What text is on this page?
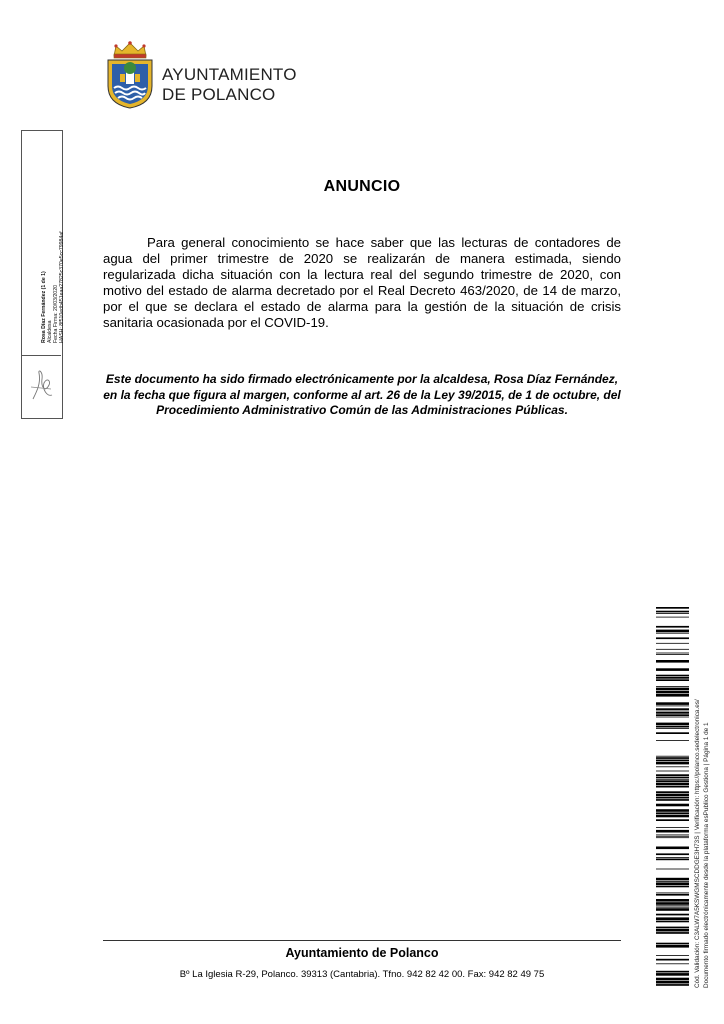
AYUNTAMIENTO
DE POLANCO
Rosa Díaz Fernández (1 de 1) Alcaldesa Fecha Firma: 20/03/2020 HASH: 8f510edb451eaa27825c370e5cc79984af
ANUNCIO

Para general conocimiento se hace saber que las lecturas de contadores de agua del primer trimestre de 2020 se realizarán de manera estimada, siendo regularizada dicha situación con la lectura real del segundo trimestre de 2020, con motivo del estado de alarma decretado por el Real Decreto 463/2020, de 14 de marzo, por el que se declara el estado de alarma para la gestión de la situación de crisis sanitaria ocasionada por el COVID-19.

Este documento ha sido firmado electrónicamente por la alcaldesa, Rosa Díaz Fernández, en la fecha que figura al margen, conforme al art. 26 de la Ley 39/2015, de 1 de octubre, del Procedimiento Administrativo Común de las Administraciones Públicas.
Cód. Validación: C3ALW7A5KSWGMSCDDGE3H73S | Verificación: https://polanco.sedelectronica.es/ Documento firmado electrónicamente desde la plataforma esPublico Gestiona | Página 1 de 1
Ayuntamiento de Polanco
Bº La Iglesia R-29, Polanco. 39313 (Cantabria). Tfno. 942 82 42 00. Fax: 942 82 49 75
